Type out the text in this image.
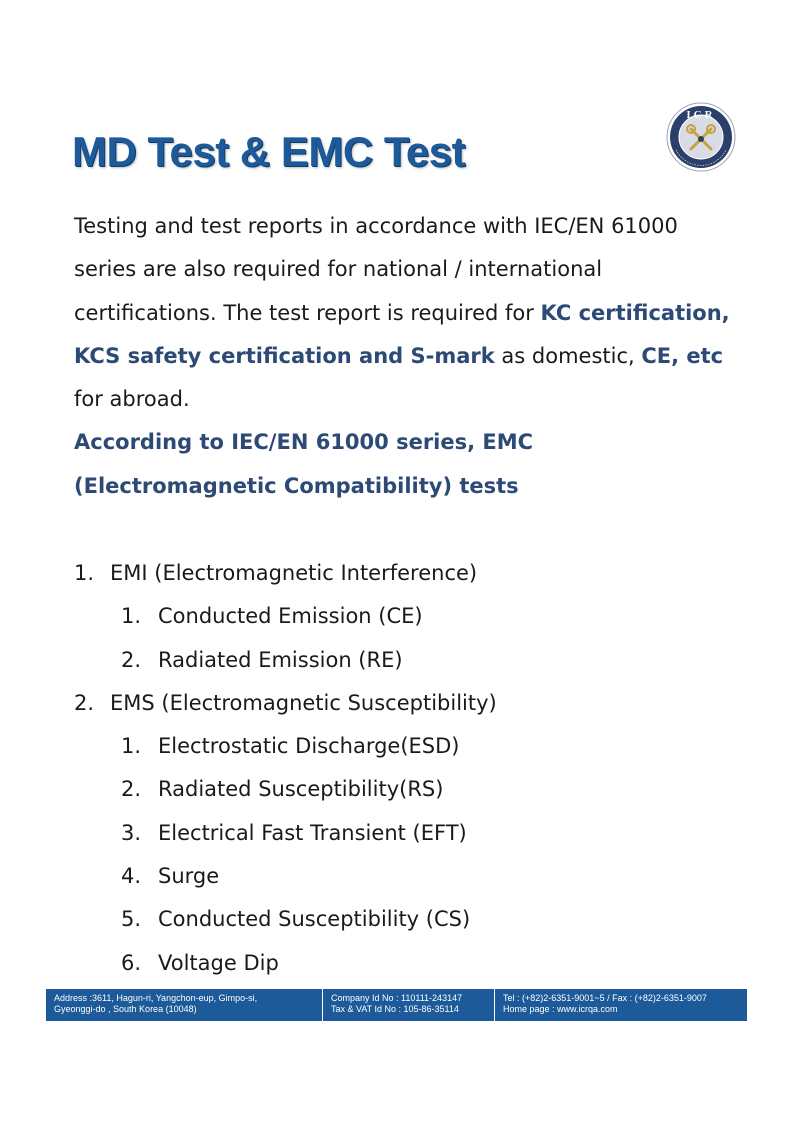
MD Test & EMC Test
ICR

Testing and test reports in accordance with IEC/EN 61000 series are also required for national / international certifications. The test report is required for KC certification, KCS safety certification and S-mark as domestic, CE, etc for abroad.
According to IEC/EN 61000 series, EMC (Electromagnetic Compatibility) tests

1. EMI (Electromagnetic Interference)
1. Conducted Emission (CE)
2. Radiated Emission (RE)
2. EMS (Electromagnetic Susceptibility)
1. Electrostatic Discharge(ESD)
2. Radiated Susceptibility(RS)
3. Electrical Fast Transient (EFT)
4. Surge
5. Conducted Susceptibility (CS)
6. Voltage Dip
Address :3611, Hagun-ri, Yangchon-eup, Gimpo-si,
Gyeonggi-do , South Korea (10048)
Company Id No : 110111-243147
Tax & VAT Id No : 105-86-35114
Tel : (+82)2-6351-9001~5 / Fax : (+82)2-6351-9007
Home page : www.icrqa.com
